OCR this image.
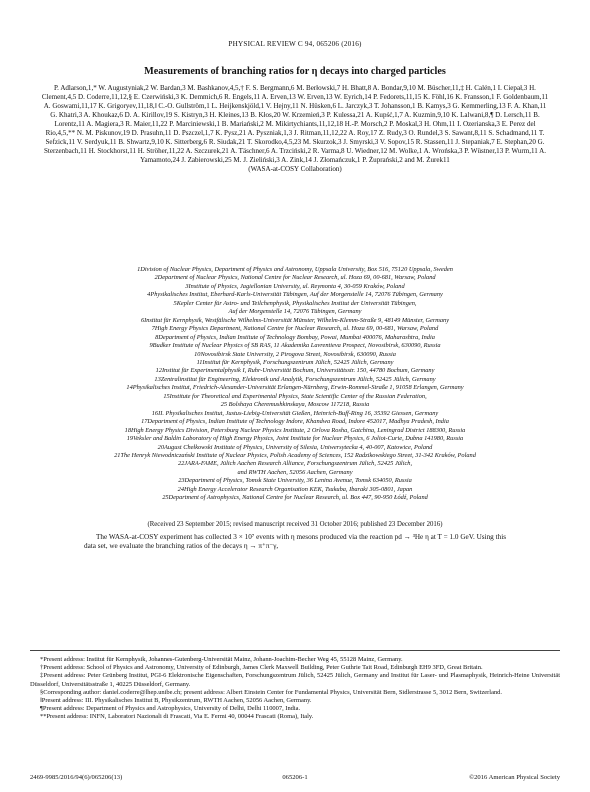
PHYSICAL REVIEW C 94, 065206 (2016)
Measurements of branching ratios for η decays into charged particles
P. Adlarson,1,* W. Augustyniak,2 W. Bardan,3 M. Bashkanov,4,5,† F. S. Bergmann,6 M. Berłowski,7 H. Bhatt,8 A. Bondar,9,10 M. Büscher,11,‡ H. Calén,1 I. Ciepał,3 H. Clement,4,5 D. Coderre,11,12,§ E. Czerwiński,3 K. Demmich,6 R. Engels,11 A. Erven,13 W. Erven,13 W. Eyrich,14 P. Fedorets,11,15 K. Föhl,16 K. Fransson,1 F. Goldenbaum,11 A. Goswami,11,17 K. Grigoryev,11,18,‖ C.-O. Gullström,1 L. Heijkenskjöld,1 V. Hejny,11 N. Hüsken,6 L. Jarczyk,3 T. Johansson,1 B. Kamys,3 G. Kemmerling,13 F. A. Khan,11 G. Khatri,3 A. Khoukaz,6 D. A. Kirillov,19 S. Kistryn,3 H. Kleines,13 B. Kłos,20 W. Krzemień,3 P. Kulessa,21 A. Kupść,1,7 A. Kuzmin,9,10 K. Lalwani,8,¶ D. Lersch,11 B. Lorentz,11 A. Magiera,3 R. Maier,11,22 P. Marciniewski,1 B. Mariański,2 M. Mikirtychiants,11,12,18 H.-P. Morsch,2 P. Moskal,3 H. Ohm,11 I. Ozerianska,3 E. Perez del Rio,4,5,** N. M. Piskunov,19 D. Prasuhn,11 D. Pszczel,1,7 K. Pysz,21 A. Pyszniak,1,3 J. Ritman,11,12,22 A. Roy,17 Z. Rudy,3 O. Rundel,3 S. Sawant,8,11 S. Schadmand,11 T. Sefzick,11 V. Serdyuk,11 B. Shwartz,9,10 K. Sitterberg,6 R. Siudak,21 T. Skorodko,4,5,23 M. Skurzok,3 J. Smyrski,3 V. Sopov,15 R. Stassen,11 J. Stepaniak,7 E. Stephan,20 G. Sterzenbach,11 H. Stockhorst,11 H. Ströher,11,22 A. Szczurek,21 A. Täschner,6 A. Trzciński,2 R. Varma,8 U. Wiedner,12 M. Wolke,1 A. Wrońska,3 P. Wüstner,13 P. Wurm,11 A. Yamamoto,24 J. Zabierowski,25 M. J. Zieliński,3 A. Zink,14 J. Złomańczuk,1 P. Żuprański,2 and M. Żurek11
(WASA-at-COSY Collaboration)
1Division of Nuclear Physics, Department of Physics and Astronomy, Uppsala University, Box 516, 75120 Uppsala, Sweden
2Department of Nuclear Physics, National Centre for Nuclear Research, ul. Hoza 69, 00-681, Warsaw, Poland
3Institute of Physics, Jagiellonian University, ul. Reymonta 4, 30-059 Kraków, Poland
4Physikalisches Institut, Eberhard-Karls-Universität Tübingen, Auf der Morgenstelle 14, 72076 Tübingen, Germany
5Kepler Center für Astro- und Teilchenphysik, Physikalisches Institut der Universität Tübingen,
Auf der Morgenstelle 14, 72076 Tübingen, Germany
6Institut für Kernphysik, Westfälische Wilhelms-Universität Münster, Wilhelm-Klemm-Straße 9, 48149 Münster, Germany
7High Energy Physics Department, National Centre for Nuclear Research, ul. Hoza 69, 00-681, Warsaw, Poland
8Department of Physics, Indian Institute of Technology Bombay, Powai, Mumbai 400076, Maharashtra, India
9Budker Institute of Nuclear Physics of SB RAS, 11 Akademika Lavrentieva Prospect, Novosibirsk, 630090, Russia
10Novosibirsk State University, 2 Pirogova Street, Novosibirsk, 630090, Russia
11Institut für Kernphysik, Forschungszentrum Jülich, 52425 Jülich, Germany
12Institut für Experimentalphysik I, Ruhr-Universität Bochum, Universitätsstr. 150, 44780 Bochum, Germany
13Zentralinstitut für Engineering, Elektronik und Analytik, Forschungszentrum Jülich, 52425 Jülich, Germany
14Physikalisches Institut, Friedrich-Alexander-Universität Erlangen-Nürnberg, Erwin-Rommel-Straße 1, 91058 Erlangen, Germany
15Institute for Theoretical and Experimental Physics, State Scientific Center of the Russian Federation,
25 Bolshaya Cheremushkinskaya, Moscow 117218, Russia
16II. Physikalisches Institut, Justus-Liebig-Universität Gießen, Heinrich-Buff-Ring 16, 35392 Giessen, Germany
17Department of Physics, Indian Institute of Technology Indore, Khandwa Road, Indore 452017, Madhya Pradesh, India
18High Energy Physics Division, Petersburg Nuclear Physics Institute, 2 Orlova Rosha, Gatchina, Leningrad District 188300, Russia
19Veksler and Baldin Laboratory of High Energy Physics, Joint Institute for Nuclear Physics, 6 Joliot-Curie, Dubna 141980, Russia
20August Chełkowski Institute of Physics, University of Silesia, Uniwersytecka 4, 40-007, Katowice, Poland
21The Henryk Niewodniczański Institute of Nuclear Physics, Polish Academy of Sciences, 152 Radzikowskiego Street, 31-342 Kraków, Poland
22JARA-FAME, Jülich Aachen Research Alliance, Forschungszentrum Jülich, 52425 Jülich,
and RWTH Aachen, 52056 Aachen, Germany
23Department of Physics, Tomsk State University, 36 Lenina Avenue, Tomsk 634050, Russia
24High Energy Accelerator Research Organisation KEK, Tsukuba, Ibaraki 305-0801, Japan
25Department of Astrophysics, National Centre for Nuclear Research, ul. Box 447, 90-950 Łódź, Poland
(Received 23 September 2015; revised manuscript received 31 October 2016; published 23 December 2016)

The WASA-at-COSY experiment has collected 3 × 10⁷ events with η mesons produced via the reaction pd → ³He η at T = 1.0 GeV. Using this data set, we evaluate the branching ratios of the decays η → π⁺π⁻γ,

*Present address: Institut für Kernphysik, Johannes-Gutenberg-Universität Mainz, Johann-Joachim-Becher Weg 45, 55128 Mainz, Germany.

†Present address: School of Physics and Astronomy, University of Edinburgh, James Clerk Maxwell Building, Peter Guthrie Tait Road, Edinburgh EH9 3FD, Great Britain.

‡Present address: Peter Grünberg Institut, PGI-6 Elektronische Eigenschaften, Forschungszentrum Jülich, 52425 Jülich, Germany and Institut für Laser- und Plasmaphysik, Heinrich-Heine Universität Düsseldorf, Universitätsstraße 1, 40225 Düsseldorf, Germany.

§Corresponding author: daniel.coderre@lhep.unibe.ch; present address: Albert Einstein Center for Fundamental Physics, Universität Bern, Sidlerstrasse 5, 3012 Bern, Switzerland.

‖Present address: III. Physikalisches Institut B, Physikzentrum, RWTH Aachen, 52056 Aachen, Germany.

¶Present address: Department of Physics and Astrophysics, University of Delhi, Delhi 110007, India.

**Present address: INFN, Laboratori Nazionali di Frascati, Via E. Fermi 40, 00044 Frascati (Roma), Italy.

2469-9985/2016/94(6)/065206(13)	065206-1	©2016 American Physical Society
